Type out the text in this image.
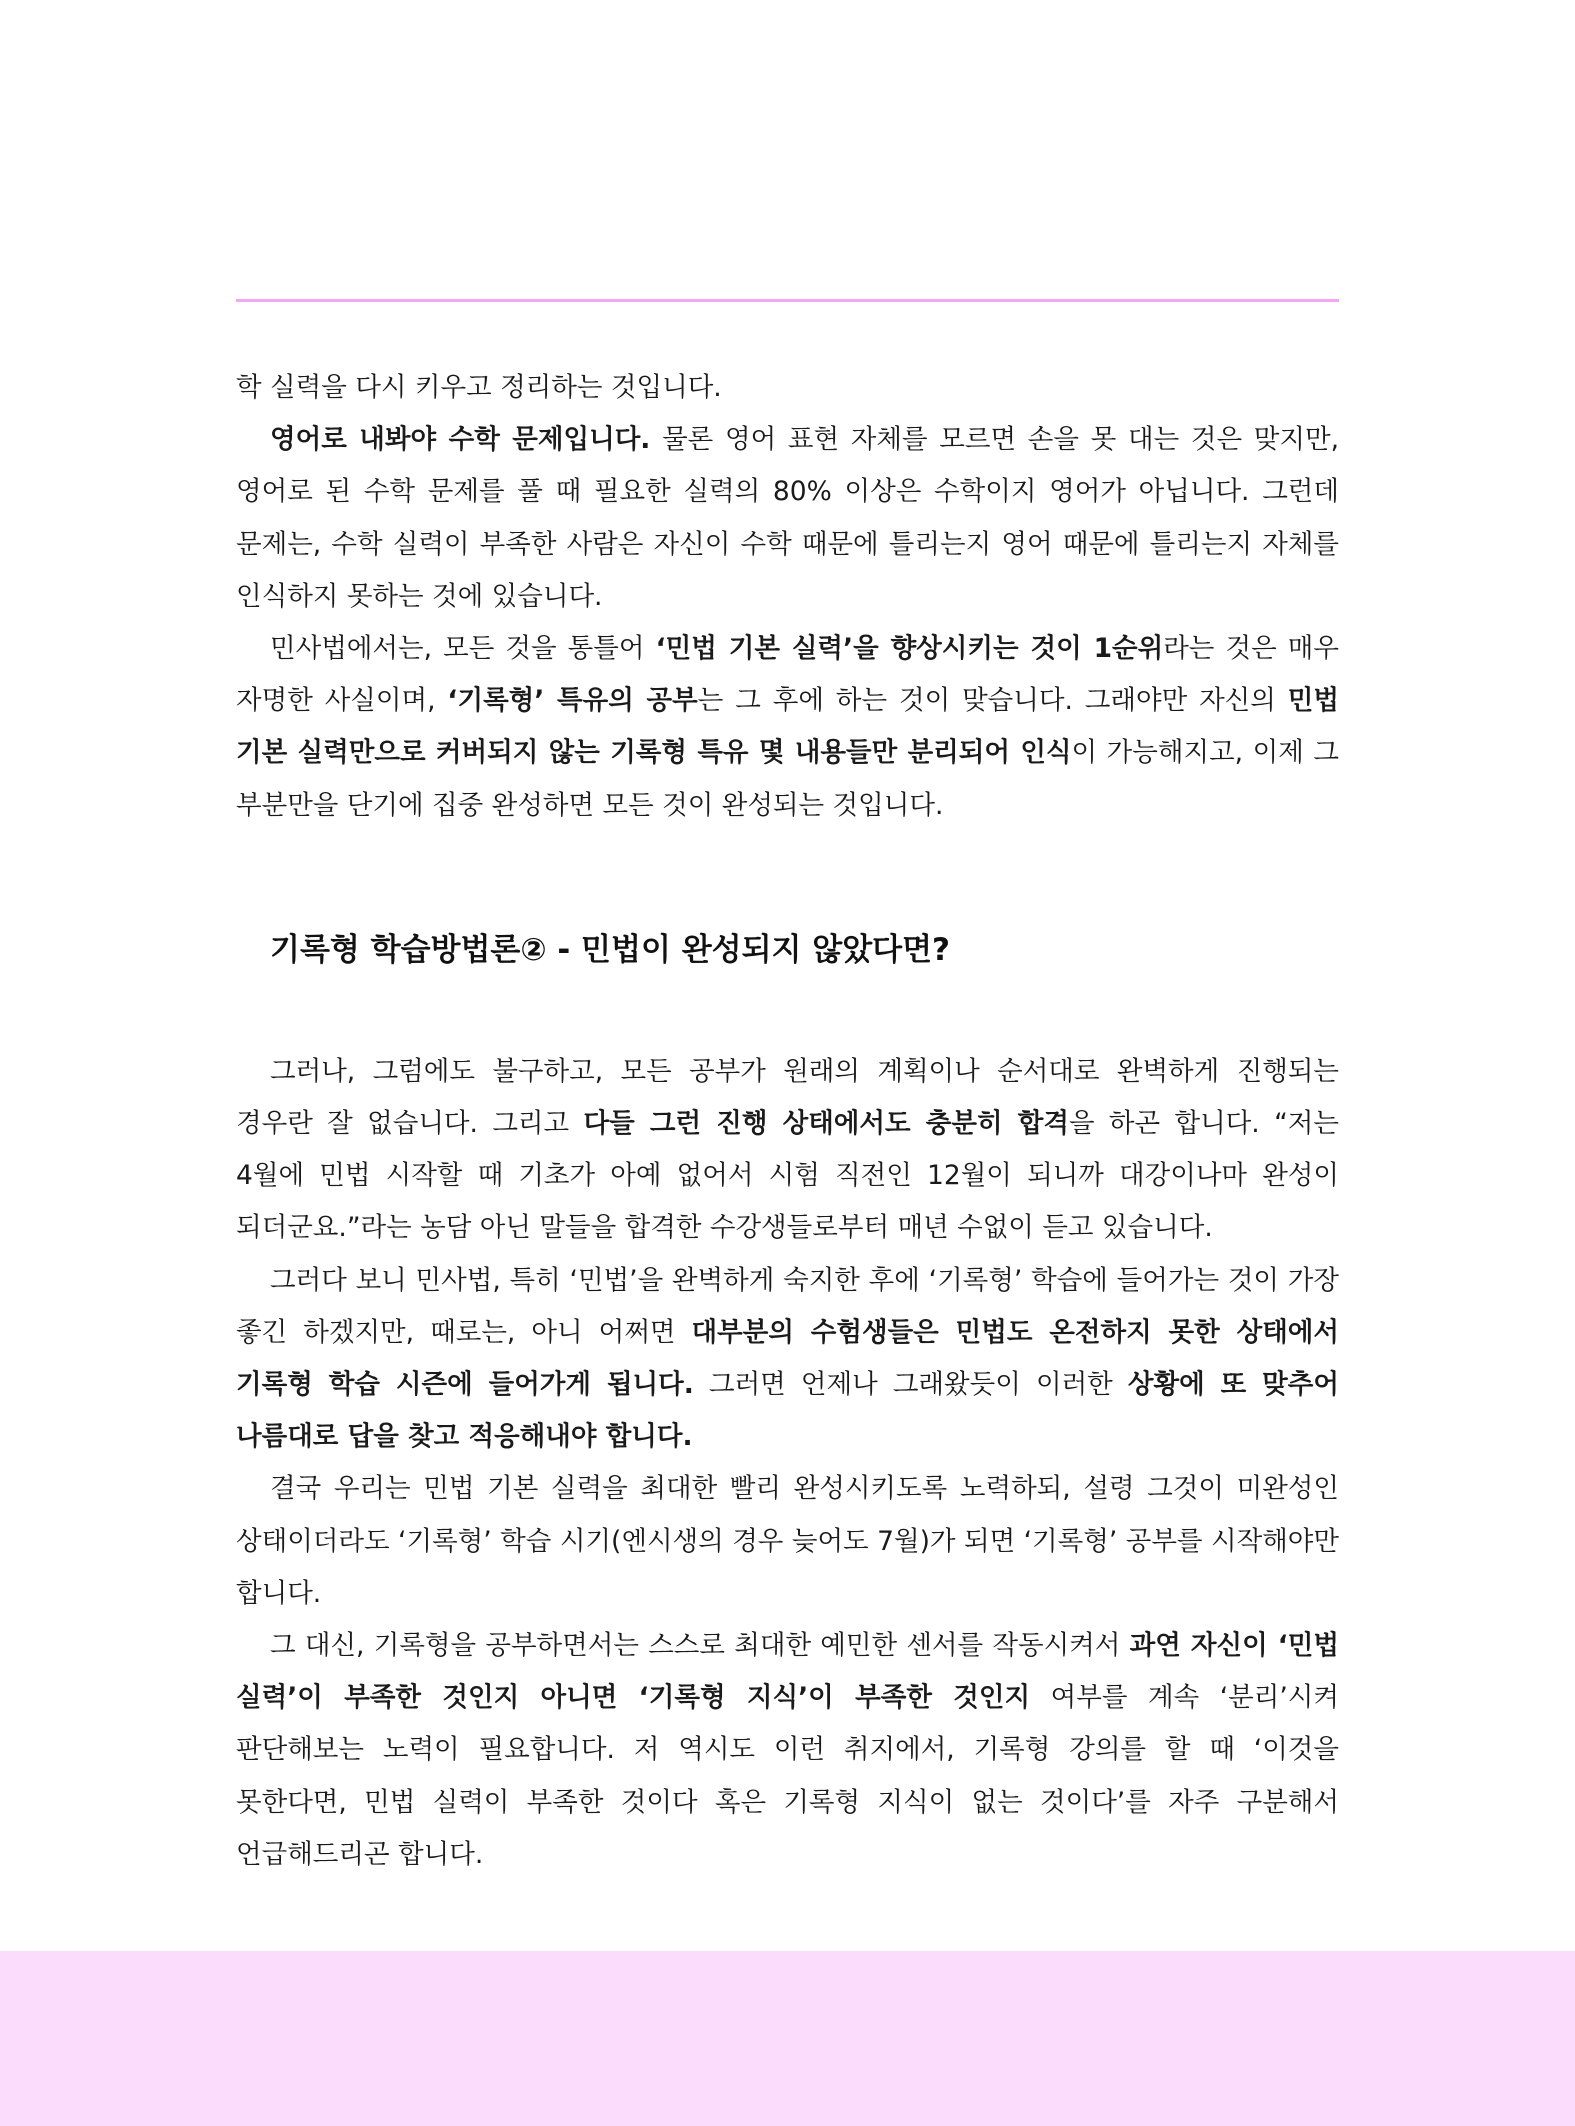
학 실력을 다시 키우고 정리하는 것입니다.

영어로 내봐야 수학 문제입니다. 물론 영어 표현 자체를 모르면 손을 못 대는 것은 맞지만, 영어로 된 수학 문제를 풀 때 필요한 실력의 80% 이상은 수학이지 영어가 아닙니다. 그런데 문제는, 수학 실력이 부족한 사람은 자신이 수학 때문에 틀리는지 영어 때문에 틀리는지 자체를 인식하지 못하는 것에 있습니다.

민사법에서는, 모든 것을 통틀어 ‘민법 기본 실력’을 향상시키는 것이 1순위라는 것은 매우 자명한 사실이며, ‘기록형’ 특유의 공부는 그 후에 하는 것이 맞습니다. 그래야만 자신의 민법 기본 실력만으로 커버되지 않는 기록형 특유 몇 내용들만 분리되어 인식이 가능해지고, 이제 그 부분만을 단기에 집중 완성하면 모든 것이 완성되는 것입니다.

기록형 학습방법론② - 민법이 완성되지 않았다면?

그러나, 그럼에도 불구하고, 모든 공부가 원래의 계획이나 순서대로 완벽하게 진행되는 경우란 잘 없습니다. 그리고 다들 그런 진행 상태에서도 충분히 합격을 하곤 합니다. “저는 4월에 민법 시작할 때 기초가 아예 없어서 시험 직전인 12월이 되니까 대강이나마 완성이 되더군요.”라는 농담 아닌 말들을 합격한 수강생들로부터 매년 수없이 듣고 있습니다.

그러다 보니 민사법, 특히 ‘민법’을 완벽하게 숙지한 후에 ‘기록형’ 학습에 들어가는 것이 가장 좋긴 하겠지만, 때로는, 아니 어쩌면 대부분의 수험생들은 민법도 온전하지 못한 상태에서 기록형 학습 시즌에 들어가게 됩니다. 그러면 언제나 그래왔듯이 이러한 상황에 또 맞추어 나름대로 답을 찾고 적응해내야 합니다.

결국 우리는 민법 기본 실력을 최대한 빨리 완성시키도록 노력하되, 설령 그것이 미완성인 상태이더라도 ‘기록형’ 학습 시기(엔시생의 경우 늦어도 7월)가 되면 ‘기록형’ 공부를 시작해야만 합니다.

그 대신, 기록형을 공부하면서는 스스로 최대한 예민한 센서를 작동시켜서 과연 자신이 ‘민법 실력’이 부족한 것인지 아니면 ‘기록형 지식’이 부족한 것인지 여부를 계속 ‘분리’시켜 판단해보는 노력이 필요합니다. 저 역시도 이런 취지에서, 기록형 강의를 할 때 ‘이것을 못한다면, 민법 실력이 부족한 것이다 혹은 기록형 지식이 없는 것이다’를 자주 구분해서 언급해드리곤 합니다.
